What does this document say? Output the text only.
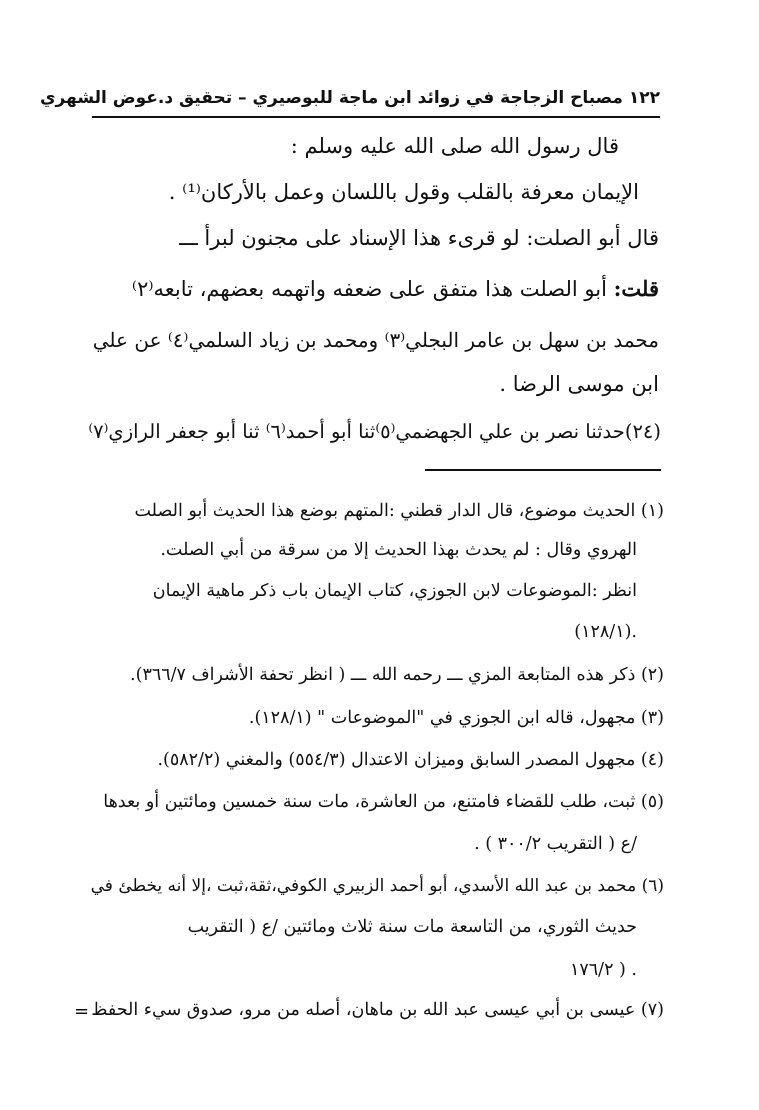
١٢٢ مصباح الزجاجة في زوائد ابن ماجة للبوصيري – تحقيق د.عوض الشهري
قال رسول الله صلى الله عليه وسلم :
الإيمان معرفة بالقلب وقول باللسان وعمل بالأركان⁽¹⁾ .
قال أبو الصلت: لو قرىء هذا الإسناد على مجنون لبرأ ـــ
قلت: أبو الصلت هذا متفق على ضعفه واتهمه بعضهم، تابعه⁽٢⁾
محمد بن سهل بن عامر البجلي⁽٣⁾ ومحمد بن زياد السلمي⁽٤⁾ عن علي
ابن موسى الرضا .
(٢٤)حدثنا نصر بن علي الجهضمي⁽٥⁾ثنا أبو أحمد⁽٦⁾ ثنا أبو جعفر الرازي⁽٧⁾
(١) الحديث موضوع، قال الدار قطني :المتهم بوضع هذا الحديث أبو الصلت
الهروي وقال : لم يحدث بهذا الحديث إلا من سرقة من أبي الصلت.
انظر :الموضوعات لابن الجوزي، كتاب الإيمان باب ذكر ماهية الإيمان
.(١٢٨/١)
(٢) ذكر هذه المتابعة المزي ـــ رحمه الله ـــ ( انظر تحفة الأشراف ٣٦٦/٧).
(٣) مجهول، قاله ابن الجوزي في "الموضوعات " (١٢٨/١).
(٤) مجهول المصدر السابق وميزان الاعتدال (٥٥٤/٣) والمغني (٥٨٢/٢).
(٥) ثبت، طلب للقضاء فامتنع، من العاشرة، مات سنة خمسين ومائتين أو بعدها
/ع ( التقريب ٣٠٠/٢ ) .
(٦) محمد بن عبد الله الأسدي، أبو أحمد الزبيري الكوفي،ثقة،ثبت ،إلا أنه يخطئ في
حديث الثوري، من التاسعة مات سنة ثلاث ومائتين /ع ( التقريب
. ( ١٧٦/٢
(٧) عيسى بن أبي عيسى عبد الله بن ماهان، أصله من مرو، صدوق سيء الحفظ
=
